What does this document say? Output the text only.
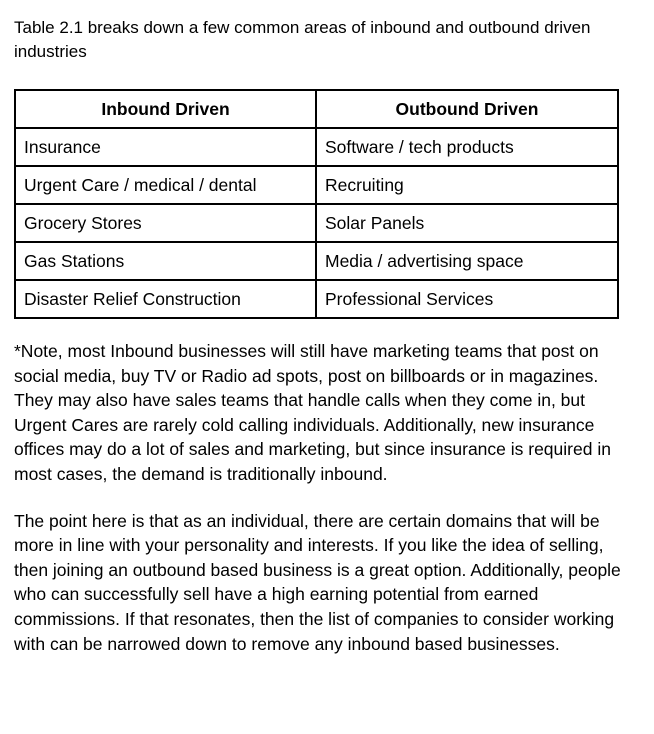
Table 2.1 breaks down a few common areas of inbound and outbound driven industries

Inbound Driven	Outbound Driven
Insurance	Software / tech products
Urgent Care / medical / dental	Recruiting
Grocery Stores	Solar Panels
Gas Stations	Media / advertising space
Disaster Relief Construction	Professional Services

*Note, most Inbound businesses will still have marketing teams that post on social media, buy TV or Radio ad spots, post on billboards or in magazines. They may also have sales teams that handle calls when they come in, but Urgent Cares are rarely cold calling individuals. Additionally, new insurance offices may do a lot of sales and marketing, but since insurance is required in most cases, the demand is traditionally inbound.

The point here is that as an individual, there are certain domains that will be more in line with your personality and interests. If you like the idea of selling, then joining an outbound based business is a great option. Additionally, people who can successfully sell have a high earning potential from earned commissions. If that resonates, then the list of companies to consider working with can be narrowed down to remove any inbound based businesses.
